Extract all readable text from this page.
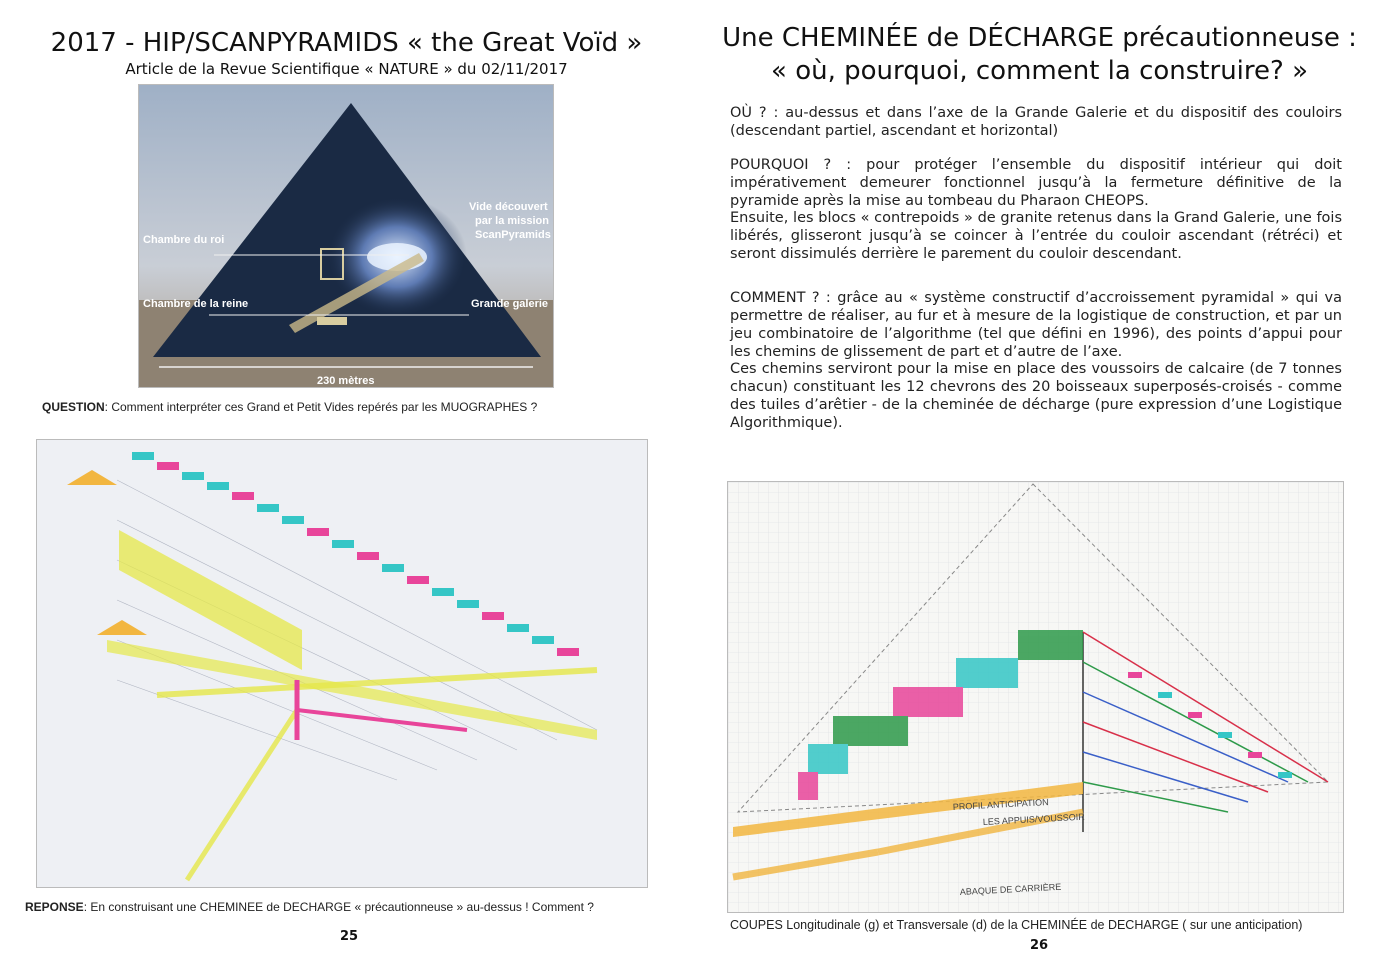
2017 - HIP/SCANPYRAMIDS « the Great Voïd »
Article de la Revue Scientifique « NATURE » du 02/11/2017
Chambre du roi
Chambre de la reine	Grande galerie
Vide découvert
par la mission
ScanPyramids
230 mètres
QUESTION: Comment interpréter ces Grand et Petit Vides repérés par les MUOGRAPHES ?
REPONSE: En construisant une CHEMINEE de DECHARGE « précautionneuse » au-dessus ! Comment ?
25
Une CHEMINÉE de DÉCHARGE précautionneuse :
« où, pourquoi, comment la construire? »
OÙ ? : au-dessus et dans l’axe de la Grande Galerie et du dispositif des couloirs (descendant partiel, ascendant et horizontal)
POURQUOI ? : pour protéger l’ensemble du dispositif intérieur qui doit impérativement demeurer fonctionnel jusqu’à la fermeture définitive de la pyramide après la mise au tombeau du Pharaon CHEOPS.
Ensuite, les blocs « contrepoids » de granite retenus dans la Grand Galerie, une fois libérés, glisseront jusqu’à se coincer à l’entrée du couloir ascendant (rétréci) et seront dissimulés derrière le parement du couloir descendant.
COMMENT ? : grâce au « système constructif d’accroissement pyramidal » qui va permettre de réaliser, au fur et à mesure de la logistique de construction, et par un jeu combinatoire de l’algorithme (tel que défini en 1996), des points d’appui pour les chemins de glissement de part et d’autre de l’axe.
Ces chemins serviront pour la mise en place des voussoirs de calcaire (de 7 tonnes chacun) constituant les 12 chevrons des 20 boisseaux superposés-croisés - comme des tuiles d’arêtier - de la cheminée de décharge (pure expression d’une Logistique Algorithmique).
PROFIL ANTICIPATION
LES APPUIS/VOUSSOIR
ABAQUE DE CARRIÈRE
COUPES Longitudinale (g) et Transversale (d) de la CHEMINÉE de DECHARGE ( sur une anticipation)
26
